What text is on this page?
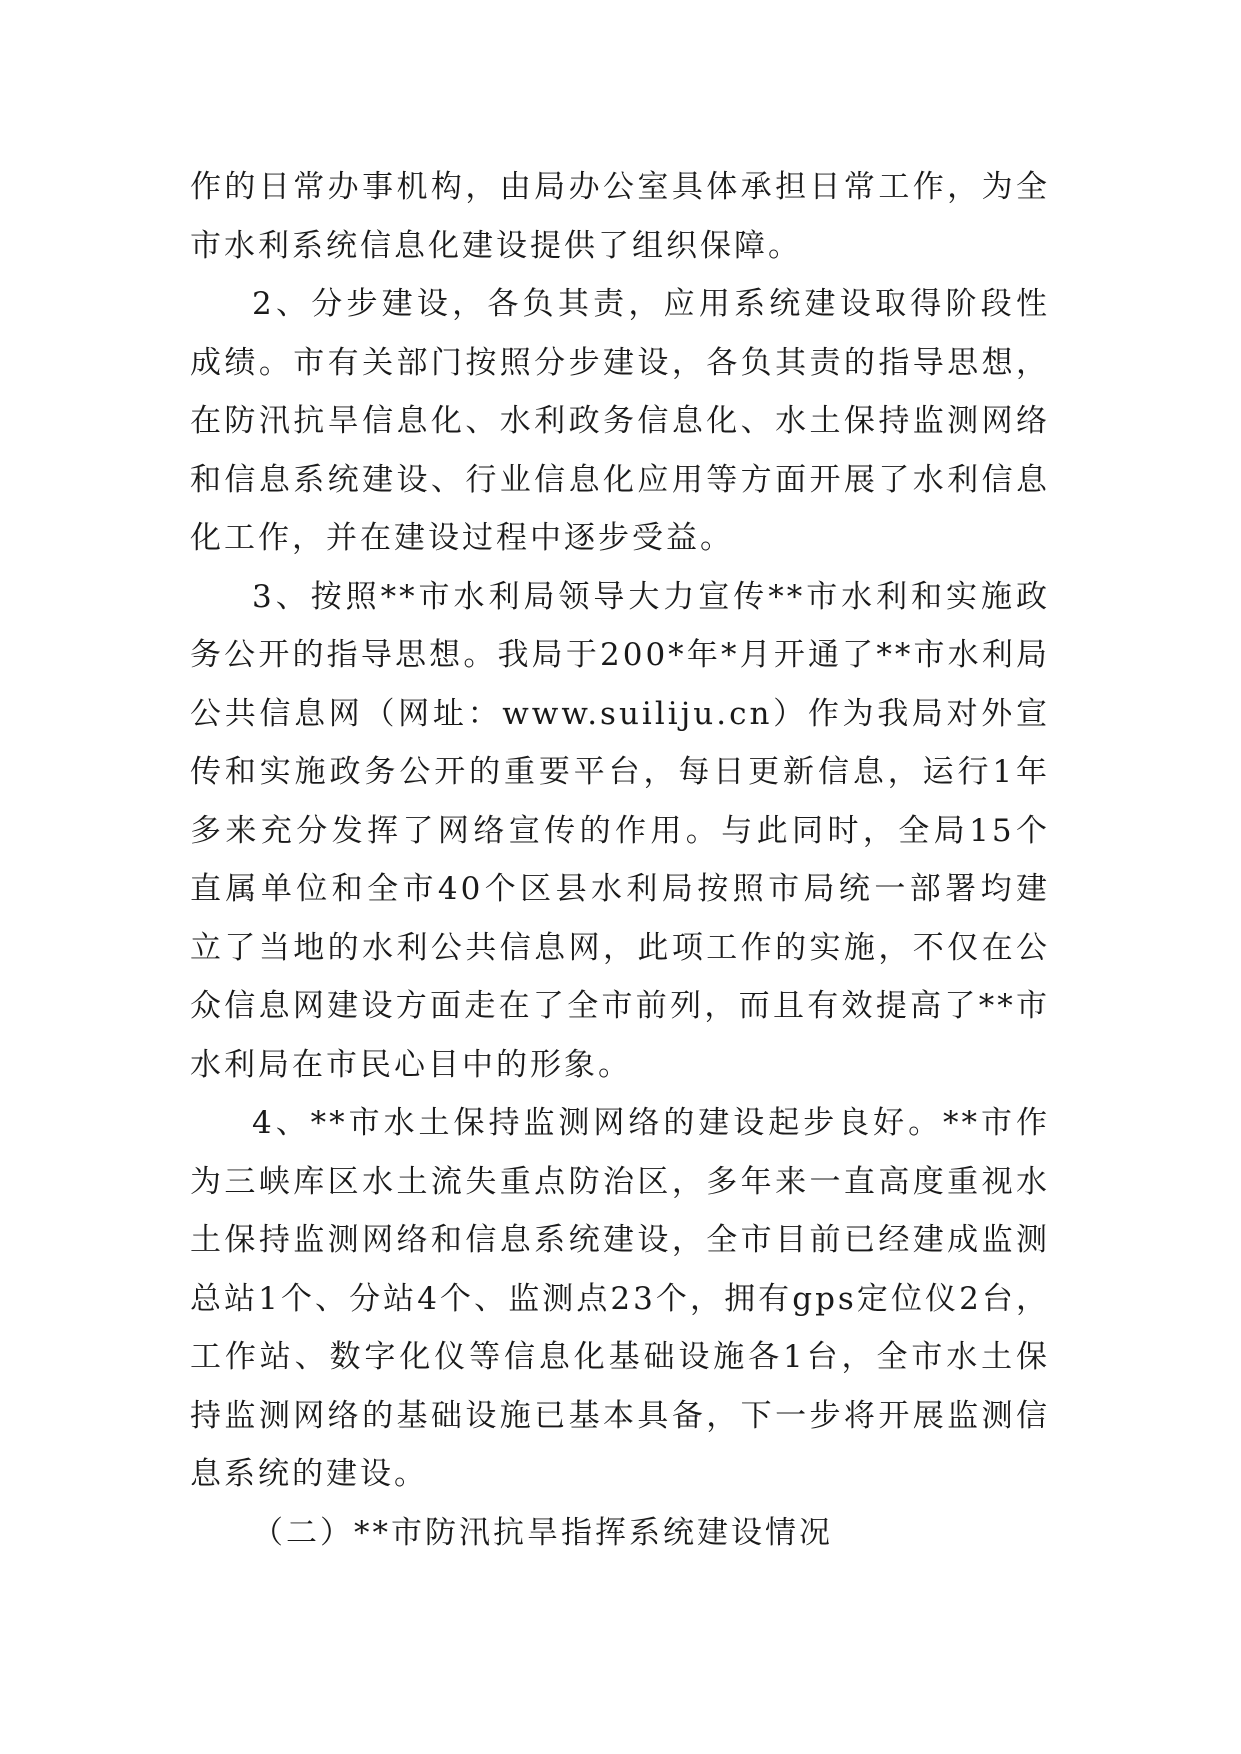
作的日常办事机构，由局办公室具体承担日常工作，为全市水利系统信息化建设提供了组织保障。

2、分步建设，各负其责，应用系统建设取得阶段性成绩。市有关部门按照分步建设，各负其责的指导思想，在防汛抗旱信息化、水利政务信息化、水土保持监测网络和信息系统建设、行业信息化应用等方面开展了水利信息化工作，并在建设过程中逐步受益。

3、按照**市水利局领导大力宣传**市水利和实施政务公开的指导思想。我局于200*年*月开通了**市水利局公共信息网（网址：www.suiliju.cn）作为我局对外宣传和实施政务公开的重要平台，每日更新信息，运行1年多来充分发挥了网络宣传的作用。与此同时，全局15个直属单位和全市40个区县水利局按照市局统一部署均建立了当地的水利公共信息网，此项工作的实施，不仅在公众信息网建设方面走在了全市前列，而且有效提高了**市水利局在市民心目中的形象。

4、**市水土保持监测网络的建设起步良好。**市作为三峡库区水土流失重点防治区，多年来一直高度重视水土保持监测网络和信息系统建设，全市目前已经建成监测总站1个、分站4个、监测点23个，拥有gps定位仪2台，工作站、数字化仪等信息化基础设施各1台，全市水土保持监测网络的基础设施已基本具备，下一步将开展监测信息系统的建设。

（二）**市防汛抗旱指挥系统建设情况
